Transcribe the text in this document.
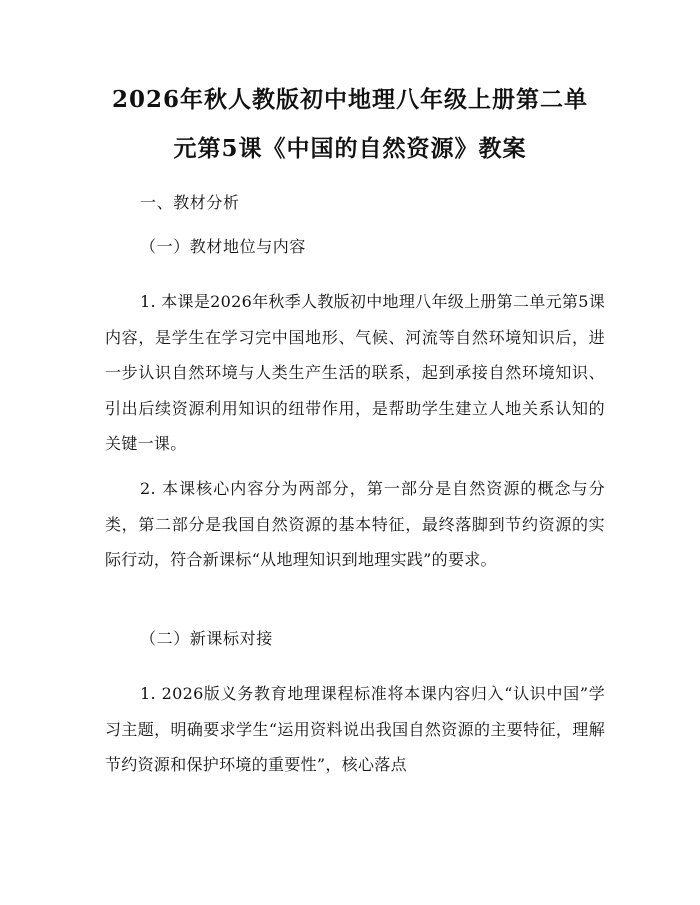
2026年秋人教版初中地理八年级上册第二单
元第5课《中国的自然资源》教案
一、教材分析
（一）教材地位与内容

1. 本课是2026年秋季人教版初中地理八年级上册第二单元第5课内容，是学生在学习完中国地形、气候、河流等自然环境知识后，进一步认识自然环境与人类生产生活的联系，起到承接自然环境知识、引出后续资源利用知识的纽带作用，是帮助学生建立人地关系认知的关键一课。

2. 本课核心内容分为两部分，第一部分是自然资源的概念与分类，第二部分是我国自然资源的基本特征，最终落脚到节约资源的实际行动，符合新课标“从地理知识到地理实践”的要求。

（二）新课标对接

1. 2026版义务教育地理课程标准将本课内容归入“认识中国”学习主题，明确要求学生“运用资料说出我国自然资源的主要特征，理解节约资源和保护环境的重要性”，核心落点
